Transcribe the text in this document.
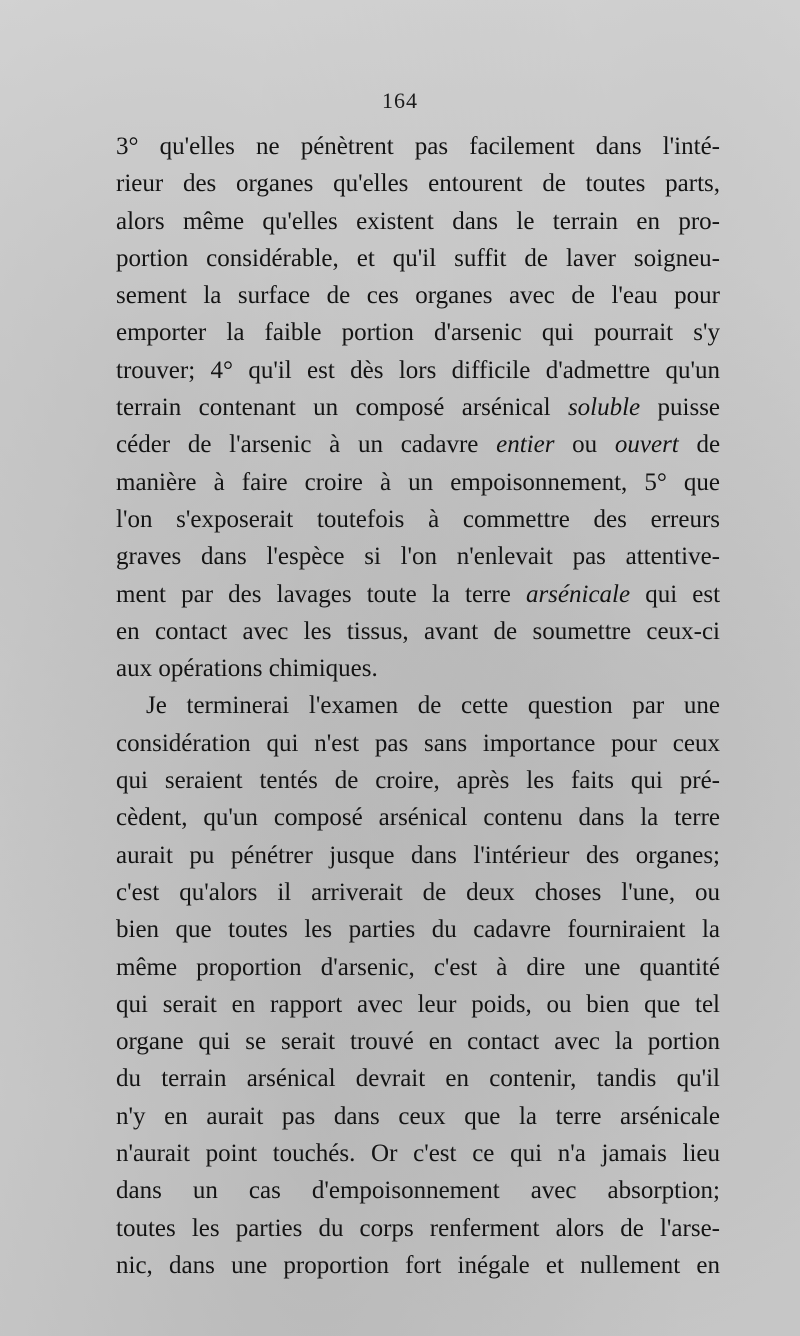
164
3° qu'elles ne pénètrent pas facilement dans l'inté-
rieur des organes qu'elles entourent de toutes parts,
alors même qu'elles existent dans le terrain en pro-
portion considérable, et qu'il suffit de laver soigneu-
sement la surface de ces organes avec de l'eau pour
emporter la faible portion d'arsenic qui pourrait s'y
trouver; 4° qu'il est dès lors difficile d'admettre qu'un
terrain contenant un composé arsénical soluble puisse
céder de l'arsenic à un cadavre entier ou ouvert de
manière à faire croire à un empoisonnement, 5° que
l'on s'exposerait toutefois à commettre des erreurs
graves dans l'espèce si l'on n'enlevait pas attentive-
ment par des lavages toute la terre arsénicale qui est
en contact avec les tissus, avant de soumettre ceux-ci
aux opérations chimiques.
Je terminerai l'examen de cette question par une
considération qui n'est pas sans importance pour ceux
qui seraient tentés de croire, après les faits qui pré-
cèdent, qu'un composé arsénical contenu dans la terre
aurait pu pénétrer jusque dans l'intérieur des organes;
c'est qu'alors il arriverait de deux choses l'une, ou
bien que toutes les parties du cadavre fourniraient la
même proportion d'arsenic, c'est à dire une quantité
qui serait en rapport avec leur poids, ou bien que tel
organe qui se serait trouvé en contact avec la portion
du terrain arsénical devrait en contenir, tandis qu'il
n'y en aurait pas dans ceux que la terre arsénicale
n'aurait point touchés. Or c'est ce qui n'a jamais lieu
dans un cas d'empoisonnement avec absorption;
toutes les parties du corps renferment alors de l'arse-
nic, dans une proportion fort inégale et nullement en
